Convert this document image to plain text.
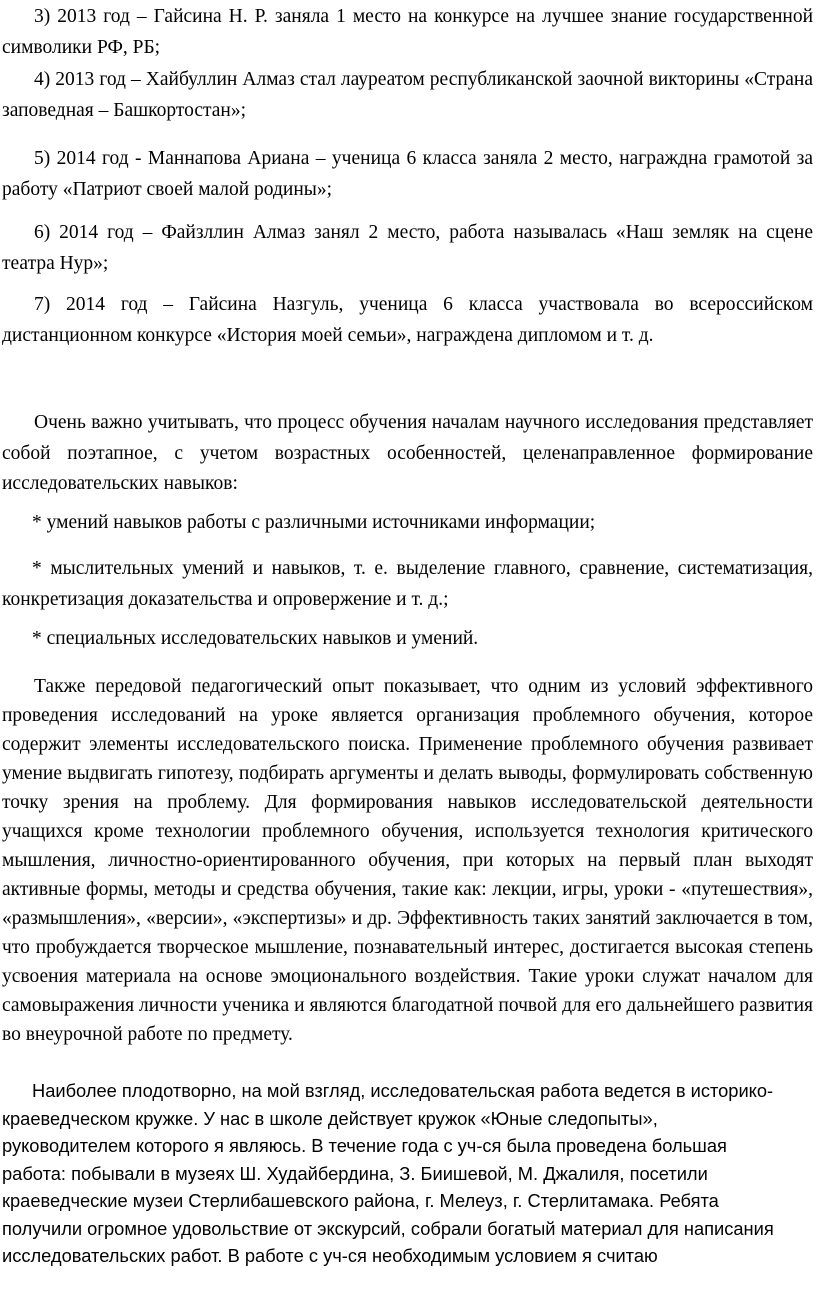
3) 2013 год – Гайсина Н. Р. заняла 1 место на конкурсе на лучшее знание государственной символики РФ, РБ;

4) 2013 год – Хайбуллин Алмаз стал лауреатом республиканской заочной викторины «Страна заповедная – Башкортостан»;

5) 2014 год - Маннапова Ариана – ученица 6 класса заняла 2 место, награждна грамотой за работу «Патриот своей малой родины»;

6) 2014 год – Файзллин Алмаз занял 2 место, работа называлась «Наш земляк на сцене театра Нур»;

7) 2014 год – Гайсина Назгуль, ученица 6 класса участвовала во всероссийском дистанционном конкурсе «История моей семьи», награждена дипломом и т. д.

Очень важно учитывать, что процесс обучения началам научного исследования представляет собой поэтапное, с учетом возрастных особенностей, целенаправленное формирование исследовательских навыков:

* умений навыков работы с различными источниками информации;

* мыслительных умений и навыков, т. е. выделение главного, сравнение, систематизация, конкретизация доказательства и опровержение и т. д.;

* специальных исследовательских навыков и умений.

Также передовой педагогический опыт показывает, что одним из условий эффективного проведения исследований на уроке является организация проблемного обучения, которое содержит элементы исследовательского поиска. Применение проблемного обучения развивает умение выдвигать гипотезу, подбирать аргументы и делать выводы, формулировать собственную точку зрения на проблему. Для формирования навыков исследовательской деятельности учащихся кроме технологии проблемного обучения, используется технология критического мышления, личностно-ориентированного обучения, при которых на первый план выходят активные формы, методы и средства обучения, такие как: лекции, игры, уроки - «путешествия», «размышления», «версии», «экспертизы» и др. Эффективность таких занятий заключается в том, что пробуждается творческое мышление, познавательный интерес, достигается высокая степень усвоения материала на основе эмоционального воздействия. Такие уроки служат началом для самовыражения личности ученика и являются благодатной почвой для его дальнейшего развития во внеурочной работе по предмету.

Наиболее плодотворно, на мой взгляд, исследовательская работа ведется в историко-
краеведческом кружке. У нас в школе действует кружок «Юные следопыты»,
руководителем которого я являюсь. В течение года с уч-ся была проведена большая
работа: побывали в музеях Ш. Худайбердина, З. Биишевой, М. Джалиля, посетили
краеведческие музеи Стерлибашевского района, г. Мелеуз, г. Стерлитамака. Ребята
получили огромное удовольствие от экскурсий, собрали богатый материал для написания
исследовательских работ. В работе с уч-ся необходимым условием я считаю
